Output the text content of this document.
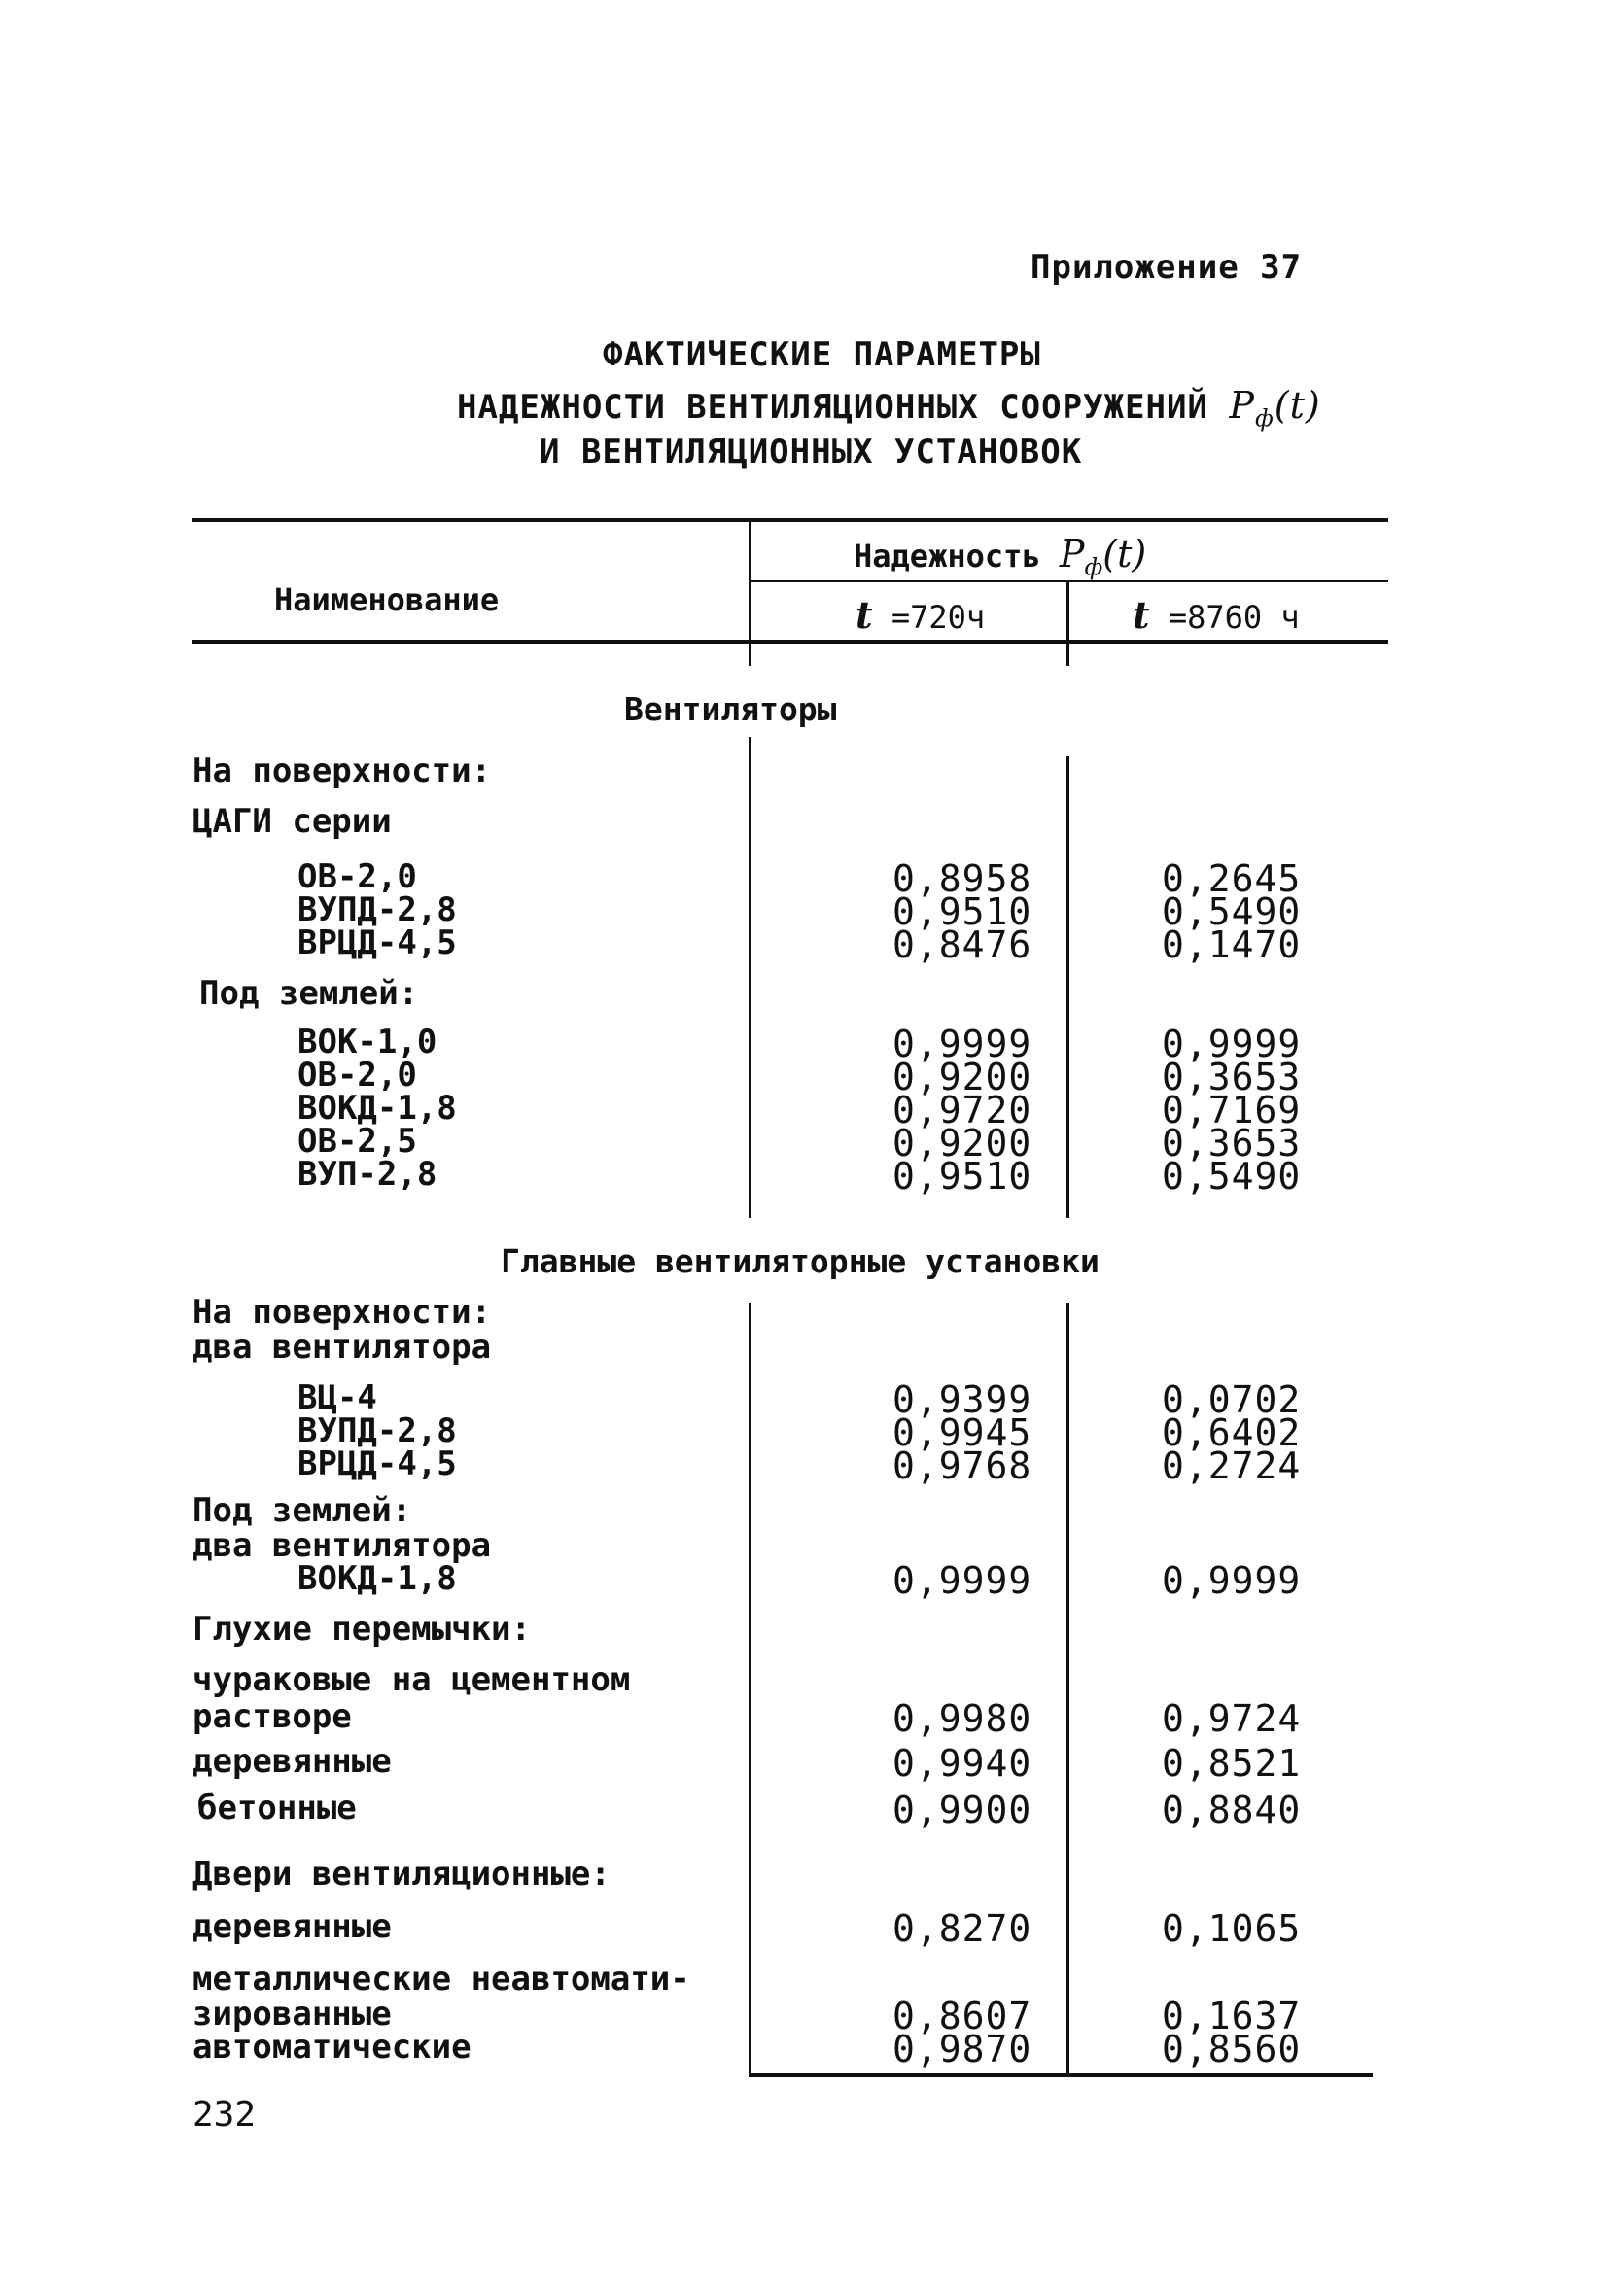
Приложение 37
ФАКТИЧЕСКИЕ ПАРАМЕТРЫ
НАДЕЖНОСТИ ВЕНТИЛЯЦИОННЫХ СООРУЖЕНИЙ $P_ф(t)$
И ВЕНТИЛЯЦИОННЫХ УСТАНОВОК
Наименование
Надежность $P_ф(t)$
t =720ч	t =8760 ч
Вентиляторы
На поверхности:
ЦАГИ серии
ОВ-2,0	0,8958	0,2645
ВУПД-2,8	0,9510	0,5490
ВРЦД-4,5	0,8476	0,1470
Под землей:
ВОК-1,0	0,9999	0,9999
ОВ-2,0	0,9200	0,3653
ВОКД-1,8	0,9720	0,7169
ОВ-2,5	0,9200	0,3653
ВУП-2,8	0,9510	0,5490
Главные вентиляторные установки
На поверхности:
два вентилятора
ВЦ-4	0,9399	0,0702
ВУПД-2,8	0,9945	0,6402
ВРЦД-4,5	0,9768	0,2724
Под землей:
два вентилятора
ВОКД-1,8	0,9999	0,9999
Глухие перемычки:
чураковые на цементном
растворе	0,9980	0,9724
деревянные	0,9940	0,8521
бетонные	0,9900	0,8840
Двери вентиляционные:
деревянные	0,8270	0,1065
металлические неавтомати-
зированные	0,8607	0,1637
автоматические	0,9870	0,8560
232
